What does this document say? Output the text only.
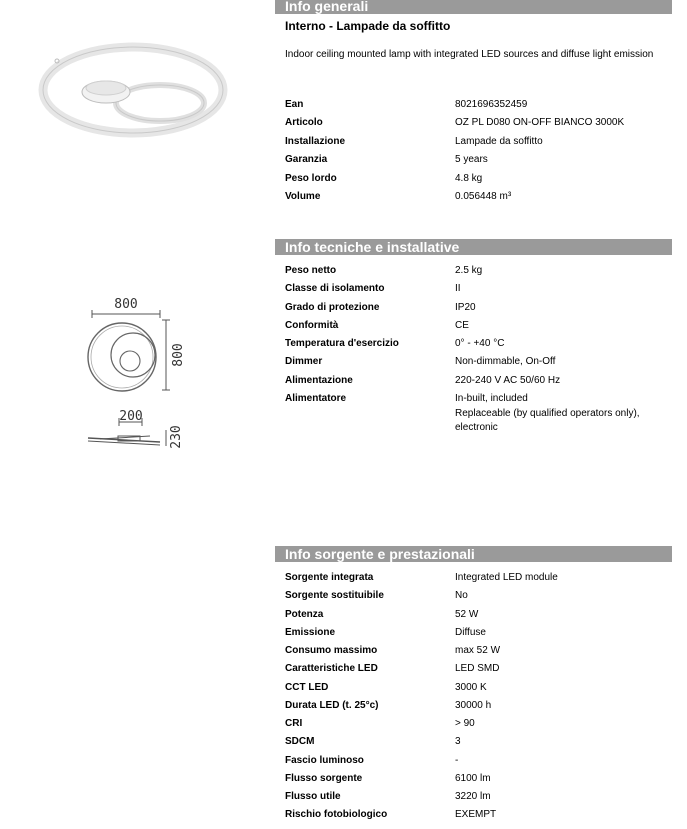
800
800
200
230
Info generali
Interno - Lampade da soffitto
Indoor ceiling mounted lamp with integrated LED sources and diffuse light emission
Ean	8021696352459
Articolo	OZ PL D080 ON-OFF BIANCO 3000K
Installazione	Lampade da soffitto
Garanzia	5 years
Peso lordo	4.8 kg
Volume	0.056448 m³
Info tecniche e installative
Peso netto	2.5 kg
Classe di isolamento	II
Grado di protezione	IP20
Conformità	CE
Temperatura d'esercizio	0° - +40 °C
Dimmer	Non-dimmable, On-Off
Alimentazione	220-240 V AC 50/60 Hz
Alimentatore	In-built, included
Replaceable (by qualified operators only),
electronic
Info sorgente e prestazionali
Sorgente integrata	Integrated LED module
Sorgente sostituibile	No
Potenza	52 W
Emissione	Diffuse
Consumo massimo	max 52 W
Caratteristiche LED	LED SMD
CCT LED	3000 K
Durata LED (t. 25°c)	30000 h
CRI	> 90
SDCM	3
Fascio luminoso	-
Flusso sorgente	6100 lm
Flusso utile	3220 lm
Rischio fotobiologico	EXEMPT
